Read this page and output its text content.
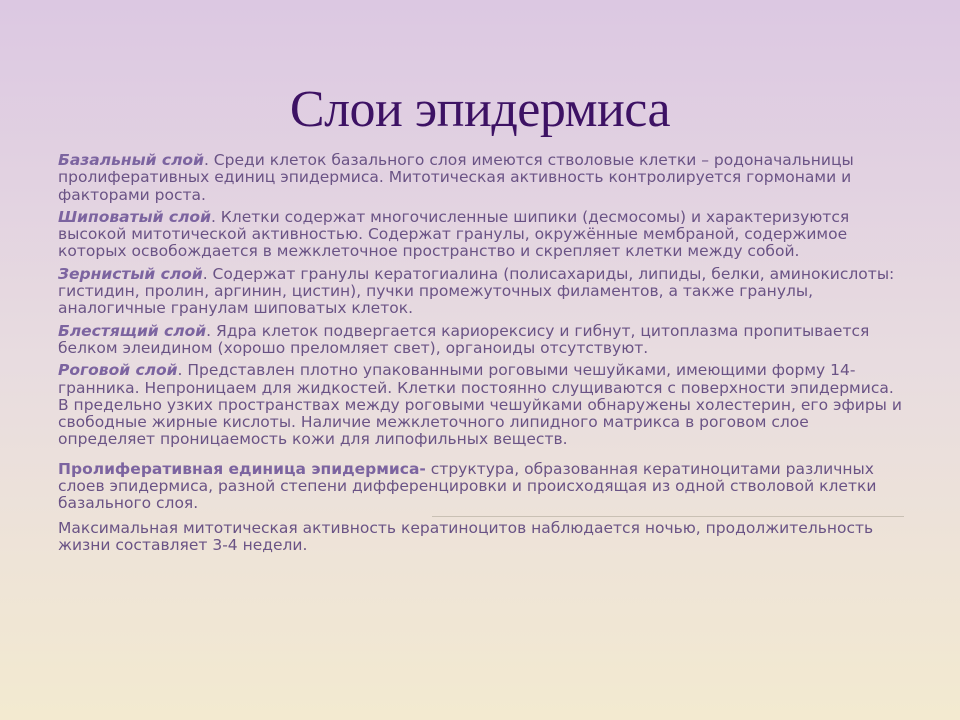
Слои эпидермиса

Базальный слой. Среди клеток базального слоя имеются стволовые клетки – родоначальницы пролиферативных единиц эпидермиса. Митотическая активность контролируется гормонами и факторами роста.

Шиповатый слой. Клетки содержат многочисленные шипики (десмосомы) и характеризуются высокой митотической активностью. Содержат гранулы, окружённые мембраной, содержимое которых освобождается в межклеточное пространство и скрепляет клетки между собой.

Зернистый слой. Содержат гранулы кератогиалина (полисахариды, липиды, белки, аминокислоты: гистидин, пролин, аргинин, цистин), пучки промежуточных филаментов, а также гранулы, аналогичные гранулам шиповатых клеток.

Блестящий слой. Ядра клеток подвергается кариорексису и гибнут, цитоплазма пропитывается белком элеидином (хорошо преломляет свет), органоиды отсутствуют.

Роговой слой. Представлен плотно упакованными роговыми чешуйками, имеющими форму 14-гранника. Непроницаем для жидкостей. Клетки постоянно слущиваются с поверхности эпидермиса. В предельно узких пространствах между роговыми чешуйками обнаружены холестерин, его эфиры и свободные жирные кислоты. Наличие межклеточного липидного матрикса в роговом слое определяет проницаемость кожи для липофильных веществ.

Пролиферативная единица эпидермиса- структура, образованная кератиноцитами различных слоев эпидермиса, разной степени дифференцировки и происходящая из одной стволовой клетки базального слоя.

Максимальная митотическая активность кератиноцитов наблюдается ночью, продолжительность жизни составляет 3-4 недели.
